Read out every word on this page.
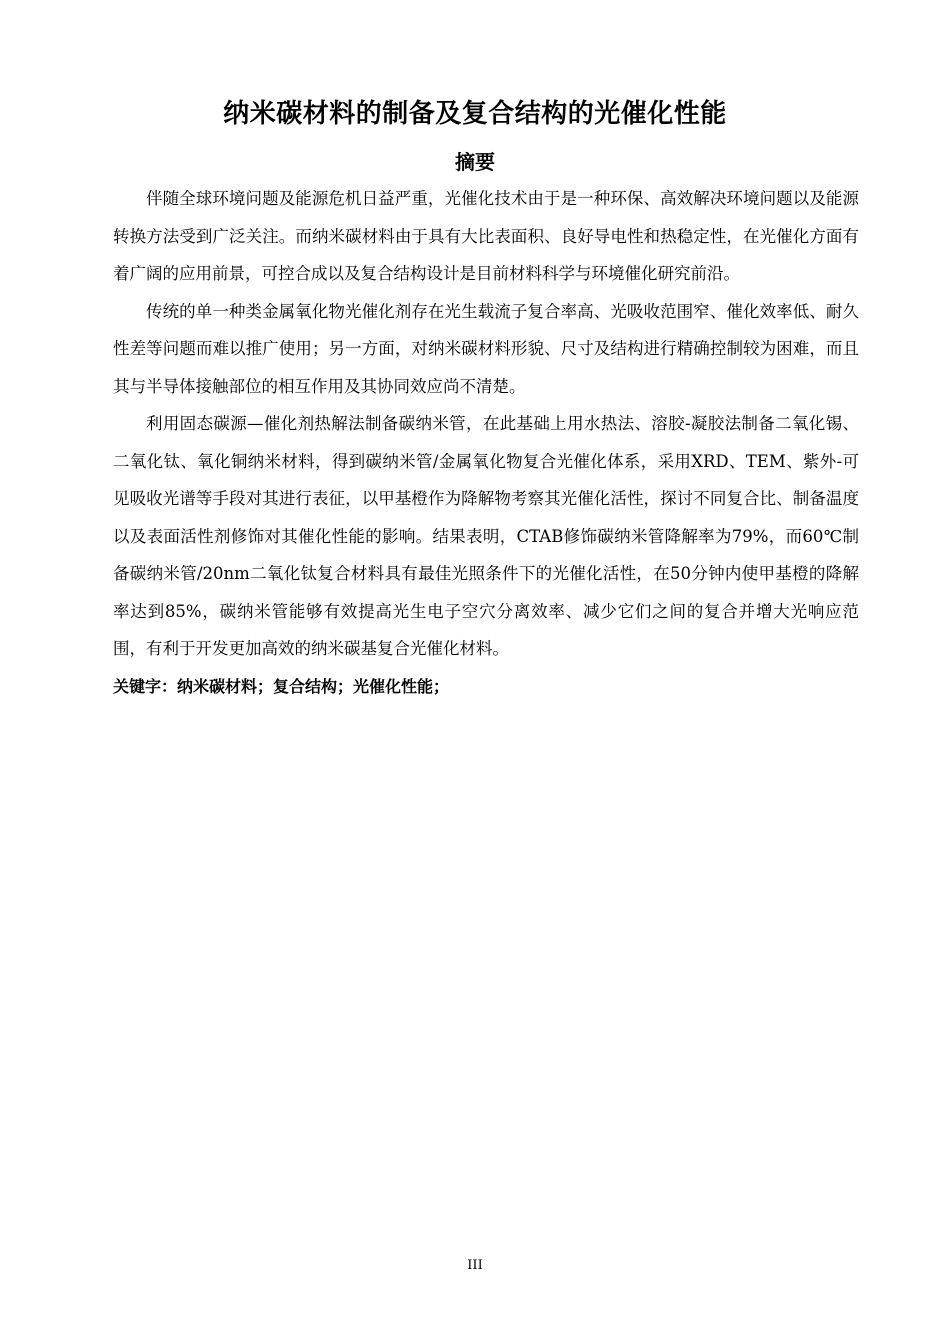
纳米碳材料的制备及复合结构的光催化性能
摘要

伴随全球环境问题及能源危机日益严重，光催化技术由于是一种环保、高效解决环境问题以及能源转换方法受到广泛关注。而纳米碳材料由于具有大比表面积、良好导电性和热稳定性，在光催化方面有着广阔的应用前景，可控合成以及复合结构设计是目前材料科学与环境催化研究前沿。

传统的单一种类金属氧化物光催化剂存在光生载流子复合率高、光吸收范围窄、催化效率低、耐久性差等问题而难以推广使用；另一方面，对纳米碳材料形貌、尺寸及结构进行精确控制较为困难，而且其与半导体接触部位的相互作用及其协同效应尚不清楚。

利用固态碳源—催化剂热解法制备碳纳米管，在此基础上用水热法、溶胶-凝胶法制备二氧化锡、二氧化钛、氧化铜纳米材料，得到碳纳米管/金属氧化物复合光催化体系，采用XRD、TEM、紫外-可见吸收光谱等手段对其进行表征，以甲基橙作为降解物考察其光催化活性，探讨不同复合比、制备温度以及表面活性剂修饰对其催化性能的影响。结果表明，CTAB修饰碳纳米管降解率为79%，而60℃制备碳纳米管/20nm二氧化钛复合材料具有最佳光照条件下的光催化活性，在50分钟内使甲基橙的降解率达到85%，碳纳米管能够有效提高光生电子空穴分离效率、减少它们之间的复合并增大光响应范围，有利于开发更加高效的纳米碳基复合光催化材料。

关键字：纳米碳材料；复合结构；光催化性能；

III
